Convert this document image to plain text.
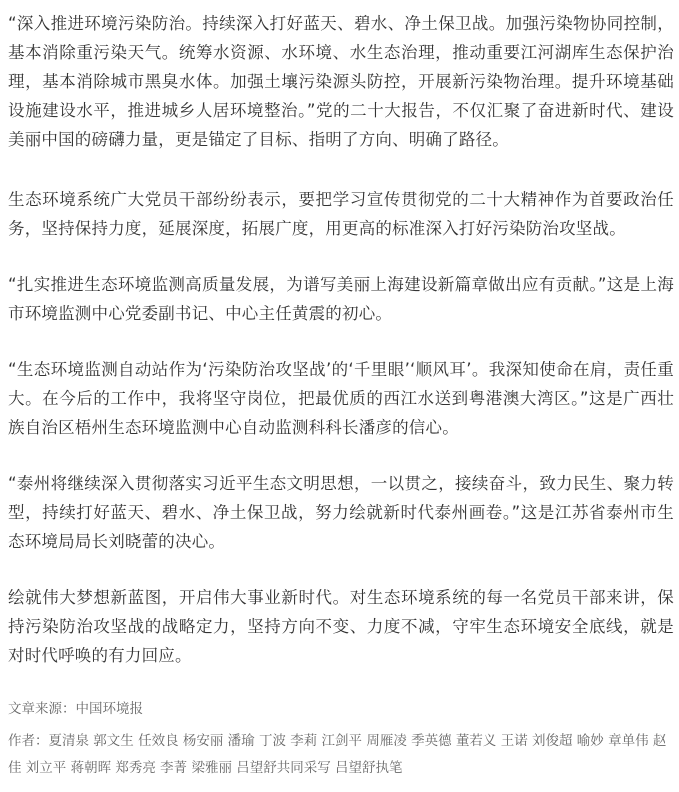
“深入推进环境污染防治。持续深入打好蓝天、碧水、净土保卫战。加强污染物协同控制，基本消除重污染天气。统筹水资源、水环境、水生态治理，推动重要江河湖库生态保护治理，基本消除城市黑臭水体。加强土壤污染源头防控，开展新污染物治理。提升环境基础设施建设水平，推进城乡人居环境整治。”党的二十大报告，不仅汇聚了奋进新时代、建设美丽中国的磅礴力量，更是锚定了目标、指明了方向、明确了路径。

生态环境系统广大党员干部纷纷表示，要把学习宣传贯彻党的二十大精神作为首要政治任务，坚持保持力度，延展深度，拓展广度，用更高的标准深入打好污染防治攻坚战。

“扎实推进生态环境监测高质量发展，为谱写美丽上海建设新篇章做出应有贡献。”这是上海市环境监测中心党委副书记、中心主任黄震的初心。

“生态环境监测自动站作为‘污染防治攻坚战’的‘千里眼’‘顺风耳’。我深知使命在肩，责任重大。在今后的工作中，我将坚守岗位，把最优质的西江水送到粤港澳大湾区。”这是广西壮族自治区梧州生态环境监测中心自动监测科科长潘彦的信心。

“泰州将继续深入贯彻落实习近平生态文明思想，一以贯之，接续奋斗，致力民生、聚力转型，持续打好蓝天、碧水、净土保卫战，努力绘就新时代泰州画卷。”这是江苏省泰州市生态环境局局长刘晓蕾的决心。

绘就伟大梦想新蓝图，开启伟大事业新时代。对生态环境系统的每一名党员干部来讲，保持污染防治攻坚战的战略定力，坚持方向不变、力度不减，守牢生态环境安全底线，就是对时代呼唤的有力回应。

文章来源：中国环境报

作者：夏清泉 郭文生 任效良 杨安丽 潘瑜 丁波 李莉 江剑平 周雁凌 季英德 董若义 王诺 刘俊超 喻妙 章单伟 赵佳 刘立平 蒋朝晖 郑秀亮 李菁 梁雅丽 吕望舒共同采写 吕望舒执笔
